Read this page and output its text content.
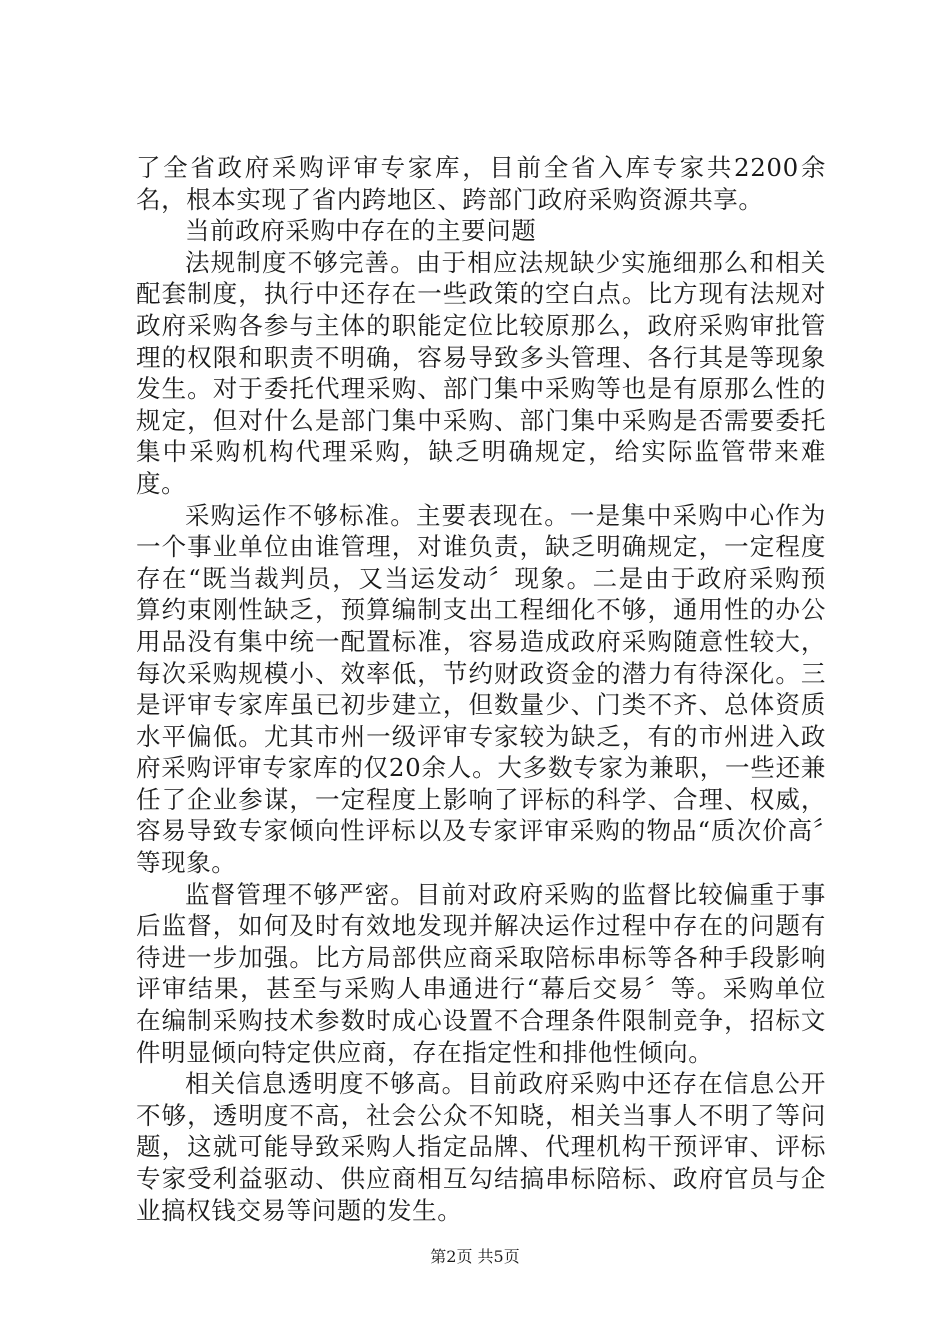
了全省政府采购评审专家库，目前全省入库专家共2200余名，根本实现了省内跨地区、跨部门政府采购资源共享。

当前政府采购中存在的主要问题

法规制度不够完善。由于相应法规缺少实施细那么和相关配套制度，执行中还存在一些政策的空白点。比方现有法规对政府采购各参与主体的职能定位比较原那么，政府采购审批管理的权限和职责不明确，容易导致多头管理、各行其是等现象发生。对于委托代理采购、部门集中采购等也是有原那么性的规定，但对什么是部门集中采购、部门集中采购是否需要委托集中采购机构代理采购，缺乏明确规定，给实际监管带来难度。

采购运作不够标准。主要表现在。一是集中采购中心作为一个事业单位由谁管理，对谁负责，缺乏明确规定，一定程度存在“既当裁判员，又当运发动〞现象。二是由于政府采购预算约束刚性缺乏，预算编制支出工程细化不够，通用性的办公用品没有集中统一配置标准，容易造成政府采购随意性较大，每次采购规模小、效率低，节约财政资金的潜力有待深化。三是评审专家库虽已初步建立，但数量少、门类不齐、总体资质水平偏低。尤其市州一级评审专家较为缺乏，有的市州进入政府采购评审专家库的仅20余人。大多数专家为兼职，一些还兼任了企业参谋，一定程度上影响了评标的科学、合理、权威，容易导致专家倾向性评标以及专家评审采购的物品“质次价高〞等现象。

监督管理不够严密。目前对政府采购的监督比较偏重于事后监督，如何及时有效地发现并解决运作过程中存在的问题有待进一步加强。比方局部供应商采取陪标串标等各种手段影响评审结果，甚至与采购人串通进行“幕后交易〞等。采购单位在编制采购技术参数时成心设置不合理条件限制竞争，招标文件明显倾向特定供应商，存在指定性和排他性倾向。

相关信息透明度不够高。目前政府采购中还存在信息公开不够，透明度不高，社会公众不知晓，相关当事人不明了等问题，这就可能导致采购人指定品牌、代理机构干预评审、评标专家受利益驱动、供应商相互勾结搞串标陪标、政府官员与企业搞权钱交易等问题的发生。

第2页 共5页
